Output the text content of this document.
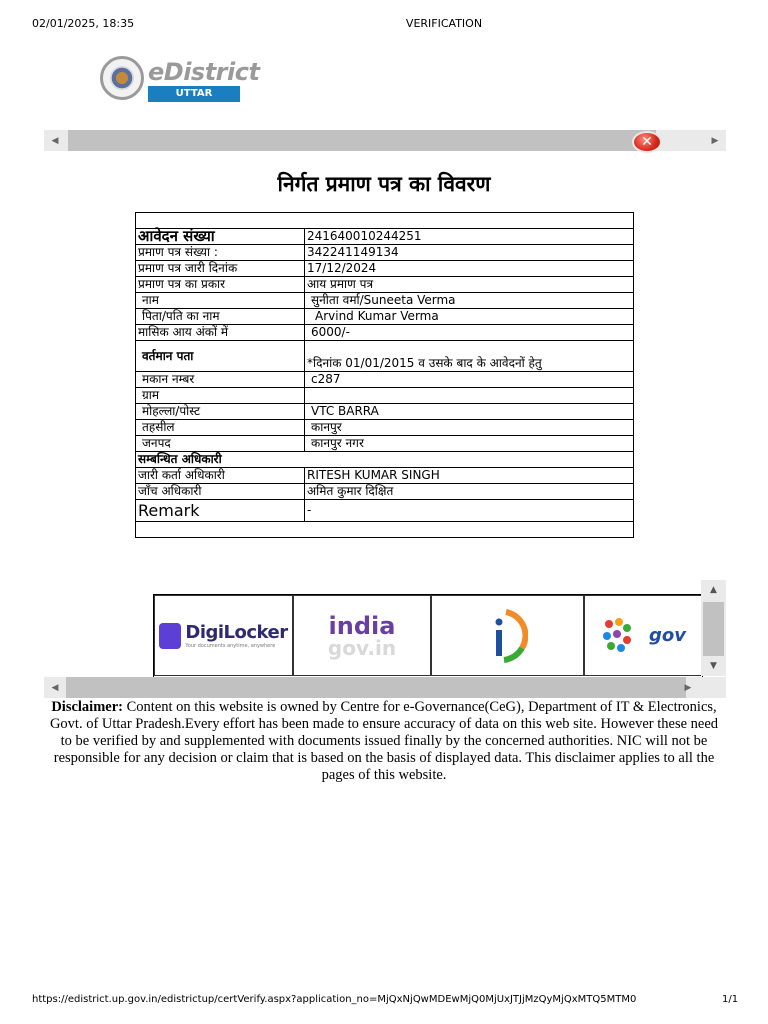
02/01/2025, 18:35	VERIFICATION
eDistrict
UTTAR PRADESH
◀	▶
✕
निर्गत प्रमाण पत्र का विवरण

आवेदन संख्या	241640010244251
प्रमाण पत्र संख्या :	342241149134
प्रमाण पत्र जारी दिनांक	17/12/2024
प्रमाण पत्र का प्रकार	आय प्रमाण पत्र
नाम	सुनीता वर्मा/Suneeta Verma
पिता/पति का नाम	Arvind Kumar Verma
मासिक आय अंकों में	6000/-
वर्तमान पता	*दिनांक 01/01/2015 व उसके बाद के आवेदनों हेतु
मकान नम्बर	c287
ग्राम	
मोहल्ला/पोस्ट	VTC BARRA
तहसील	कानपुर
जनपद	कानपुर नगर
सम्बन्धित अधिकारी	
जारी कर्ता अधिकारी	RITESH KUMAR SINGH
जाँच अधिकारी	अमित कुमार दिक्षित
Remark	-

DigiLocker
Your documents anytime, anywhere
india
gov.in	gov
▲
▼
◀	▶
Disclaimer: Content on this website is owned by Centre for e-Governance(CeG), Department of IT & Electronics, Govt. of Uttar Pradesh.Every effort has been made to ensure accuracy of data on this web site. However these need to be verified by and supplemented with documents issued finally by the concerned authorities. NIC will not be responsible for any decision or claim that is based on the basis of displayed data. This disclaimer applies to all the pages of this website.
https://edistrict.up.gov.in/edistrictup/certVerify.aspx?application_no=MjQxNjQwMDEwMjQ0MjUxJTJjMzQyMjQxMTQ5MTM0	1/1
